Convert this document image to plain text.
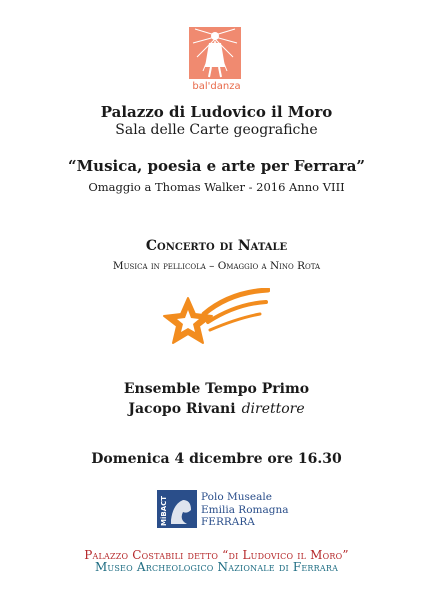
bal'danza
Palazzo di Ludovico il Moro
Sala delle Carte geografiche
“Musica, poesia e arte per Ferrara”
Omaggio a Thomas Walker - 2016 Anno VIII
Concerto di Natale
Musica in pellicola – Omaggio a Nino Rota
Ensemble Tempo Primo
Jacopo Rivani direttore
Domenica 4 dicembre ore 16.30
MiBACT	Polo Museale
Emilia Romagna
FERRARA
Palazzo Costabili detto “di Ludovico il Moro”
Museo Archeologico Nazionale di Ferrara
